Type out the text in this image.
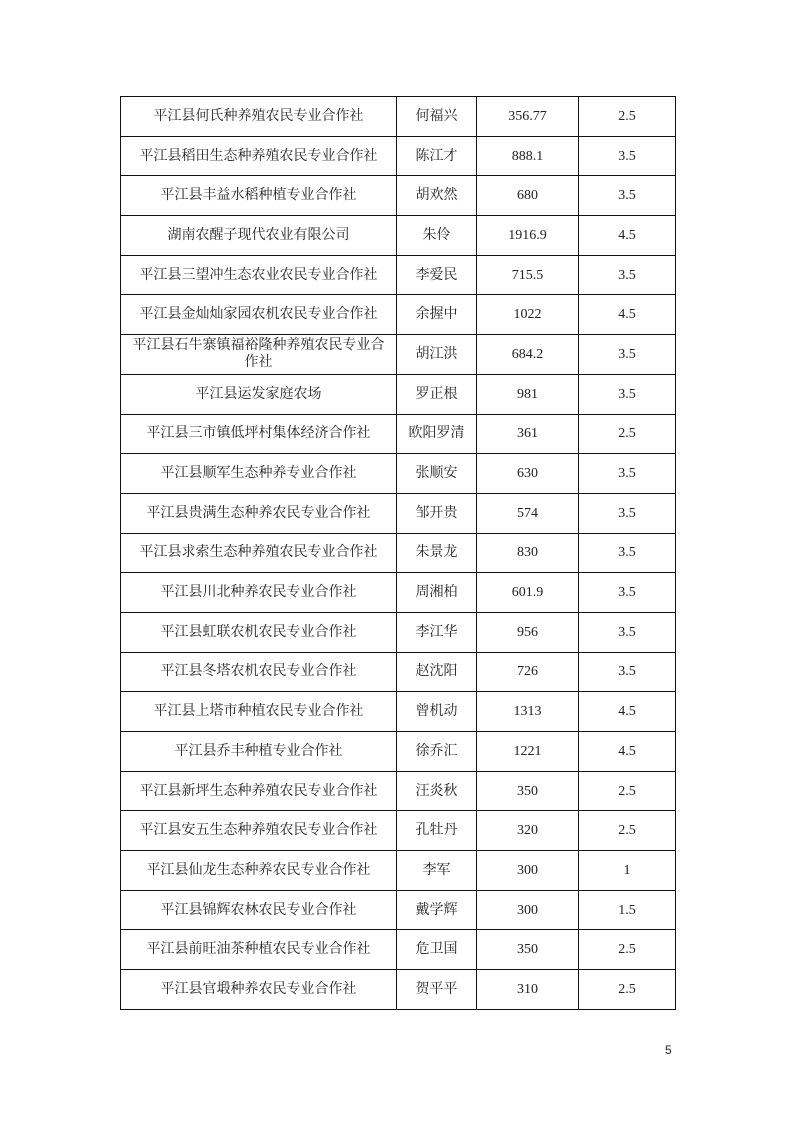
平江县何氏种养殖农民专业合作社	何福兴	356.77	2.5
平江县稻田生态种养殖农民专业合作社	陈江才	888.1	3.5
平江县丰益水稻种植专业合作社	胡欢然	680	3.5
湖南农醒子现代农业有限公司	朱伶	1916.9	4.5
平江县三望冲生态农业农民专业合作社	李爱民	715.5	3.5
平江县金灿灿家园农机农民专业合作社	余握中	1022	4.5
平江县石牛寨镇福裕隆种养殖农民专业合作社	胡江洪	684.2	3.5
平江县运发家庭农场	罗正根	981	3.5
平江县三市镇低坪村集体经济合作社	欧阳罗清	361	2.5
平江县顺军生态种养专业合作社	张顺安	630	3.5
平江县贵满生态种养农民专业合作社	邹开贵	574	3.5
平江县求索生态种养殖农民专业合作社	朱景龙	830	3.5
平江县川北种养农民专业合作社	周湘柏	601.9	3.5
平江县虹联农机农民专业合作社	李江华	956	3.5
平江县冬塔农机农民专业合作社	赵沈阳	726	3.5
平江县上塔市种植农民专业合作社	曾机动	1313	4.5
平江县乔丰种植专业合作社	徐乔汇	1221	4.5
平江县新坪生态种养殖农民专业合作社	汪炎秋	350	2.5
平江县安五生态种养殖农民专业合作社	孔牡丹	320	2.5
平江县仙龙生态种养农民专业合作社	李军	300	1
平江县锦辉农林农民专业合作社	戴学辉	300	1.5
平江县前旺油茶种植农民专业合作社	危卫国	350	2.5
平江县官塅种养农民专业合作社	贺平平	310	2.5
5
